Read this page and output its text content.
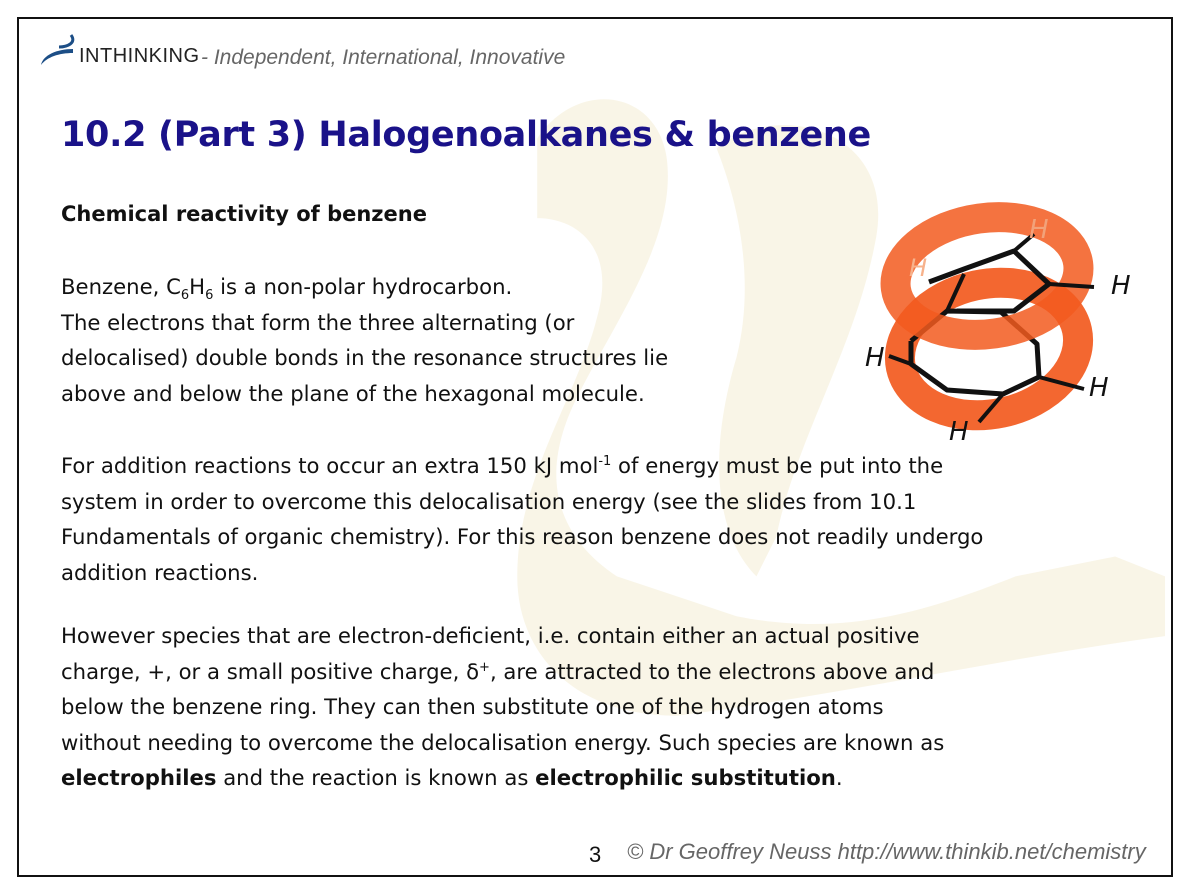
INTHINKING - Independent, International, Innovative
10.2 (Part 3) Halogenoalkanes & benzene
Chemical reactivity of benzene
Benzene, $C_6H_6$ is a non-polar hydrocarbon.
The electrons that form the three alternating (or
delocalised) double bonds in the resonance structures lie
above and below the plane of the hexagonal molecule.
H
H
H
H
H
H
For addition reactions to occur an extra 150 kJ mol$^{-1}$ of energy must be put into the
system in order to overcome this delocalisation energy (see the slides from 10.1
Fundamentals of organic chemistry). For this reason benzene does not readily undergo
addition reactions.
However species that are electron-deficient, i.e. contain either an actual positive
charge, +, or a small positive charge, δ+, are attracted to the electrons above and
below the benzene ring. They can then substitute one of the hydrogen atoms
without needing to overcome the delocalisation energy. Such species are known as
electrophiles and the reaction is known as electrophilic substitution.
3 © Dr Geoffrey Neuss http://www.thinkib.net/chemistry
